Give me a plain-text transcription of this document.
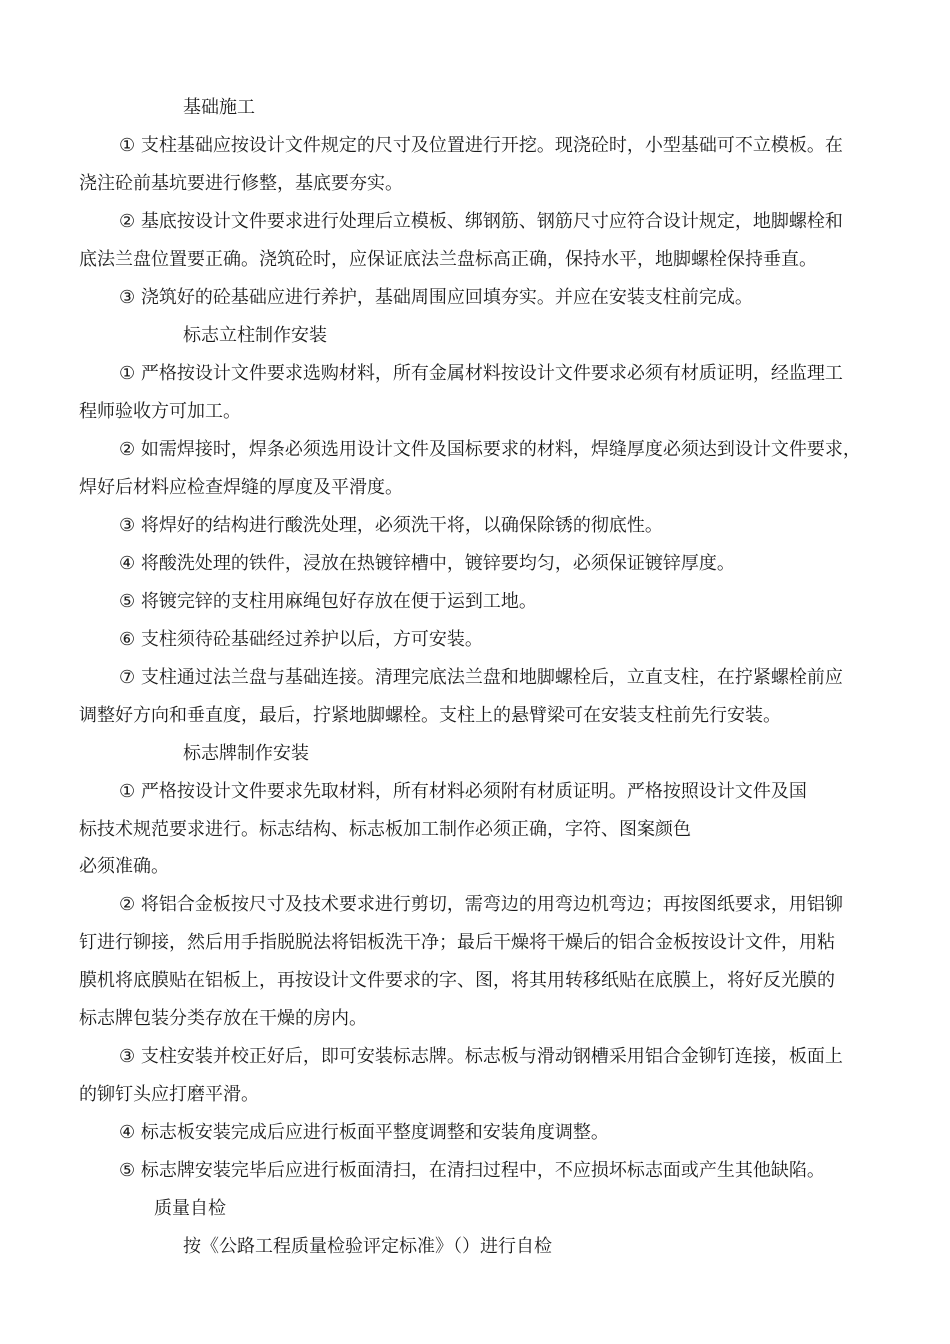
基础施工
① 支柱基础应按设计文件规定的尺寸及位置进行开挖。现浇砼时，小型基础可不立模板。在
浇注砼前基坑要进行修整，基底要夯实。
② 基底按设计文件要求进行处理后立模板、绑钢筋、钢筋尺寸应符合设计规定，地脚螺栓和
底法兰盘位置要正确。浇筑砼时，应保证底法兰盘标高正确，保持水平，地脚螺栓保持垂直。
③ 浇筑好的砼基础应进行养护，基础周围应回填夯实。并应在安装支柱前完成。
标志立柱制作安装
① 严格按设计文件要求选购材料，所有金属材料按设计文件要求必须有材质证明，经监理工
程师验收方可加工。
② 如需焊接时，焊条必须选用设计文件及国标要求的材料，焊缝厚度必须达到设计文件要求，
焊好后材料应检查焊缝的厚度及平滑度。
③ 将焊好的结构进行酸洗处理，必须洗干将，以确保除锈的彻底性。
④ 将酸洗处理的铁件，浸放在热镀锌槽中，镀锌要均匀，必须保证镀锌厚度。
⑤ 将镀完锌的支柱用麻绳包好存放在便于运到工地。
⑥ 支柱须待砼基础经过养护以后，方可安装。
⑦ 支柱通过法兰盘与基础连接。清理完底法兰盘和地脚螺栓后，立直支柱，在拧紧螺栓前应
调整好方向和垂直度，最后，拧紧地脚螺栓。支柱上的悬臂梁可在安装支柱前先行安装。
标志牌制作安装
① 严格按设计文件要求先取材料，所有材料必须附有材质证明。严格按照设计文件及国
标技术规范要求进行。标志结构、标志板加工制作必须正确，字符、图案颜色
必须准确。
② 将铝合金板按尺寸及技术要求进行剪切，需弯边的用弯边机弯边；再按图纸要求，用铝铆
钉进行铆接，然后用手指脱脱法将铝板洗干净；最后干燥将干燥后的铝合金板按设计文件，用粘
膜机将底膜贴在铝板上，再按设计文件要求的字、图，将其用转移纸贴在底膜上，将好反光膜的
标志牌包装分类存放在干燥的房内。
③ 支柱安装并校正好后，即可安装标志牌。标志板与滑动钢槽采用铝合金铆钉连接，板面上
的铆钉头应打磨平滑。
④ 标志板安装完成后应进行板面平整度调整和安装角度调整。
⑤ 标志牌安装完毕后应进行板面清扫，在清扫过程中，不应损坏标志面或产生其他缺陷。
质量自检
按《公路工程质量检验评定标准》（）进行自检
